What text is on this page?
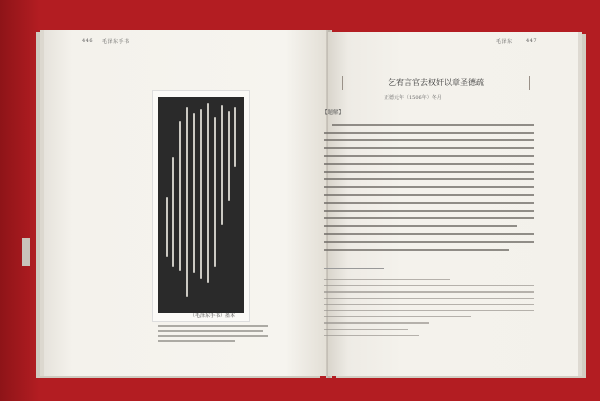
446 毛泽东手书	毛泽东	447
（毛泽东手书）墨本
乞宥言官去权奸以章圣德疏
正德元年（1506年）冬月
【题解】
